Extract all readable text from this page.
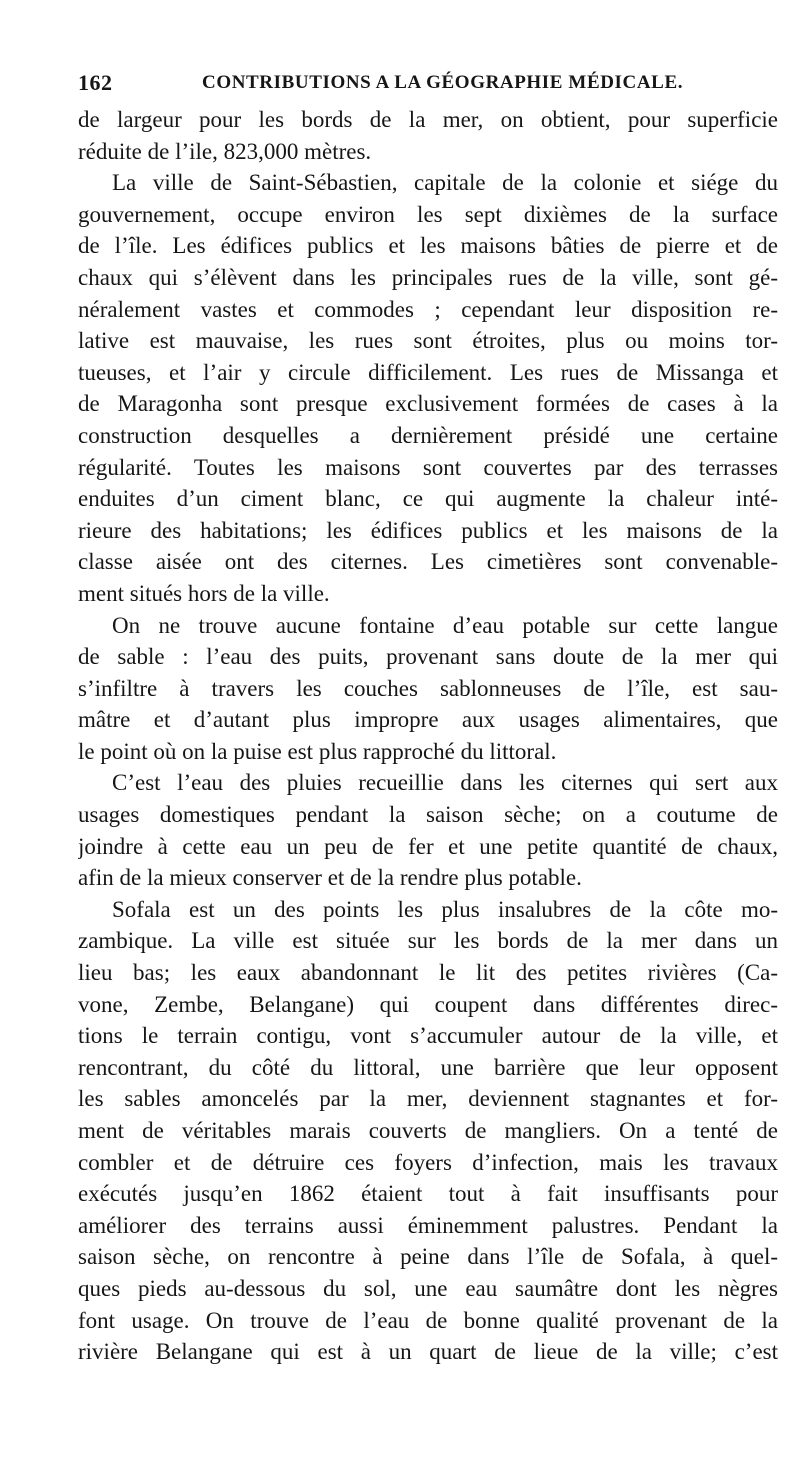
162	CONTRIBUTIONS A LA GÉOGRAPHIE MÉDICALE.
de largeur pour les bords de la mer, on obtient, pour superficie
réduite de l’ile, 823,000 mètres.
La ville de Saint-Sébastien, capitale de la colonie et siége du
gouvernement, occupe environ les sept dixièmes de la surface
de l’île. Les édifices publics et les maisons bâties de pierre et de
chaux qui s’élèvent dans les principales rues de la ville, sont gé-
néralement vastes et commodes ; cependant leur disposition re-
lative est mauvaise, les rues sont étroites, plus ou moins tor-
tueuses, et l’air y circule difficilement. Les rues de Missanga et
de Maragonha sont presque exclusivement formées de cases à la
construction desquelles a dernièrement présidé une certaine
régularité. Toutes les maisons sont couvertes par des terrasses
enduites d’un ciment blanc, ce qui augmente la chaleur inté-
rieure des habitations; les édifices publics et les maisons de la
classe aisée ont des citernes. Les cimetières sont convenable-
ment situés hors de la ville.
On ne trouve aucune fontaine d’eau potable sur cette langue
de sable : l’eau des puits, provenant sans doute de la mer qui
s’infiltre à travers les couches sablonneuses de l’île, est sau-
mâtre et d’autant plus impropre aux usages alimentaires, que
le point où on la puise est plus rapproché du littoral.
C’est l’eau des pluies recueillie dans les citernes qui sert aux
usages domestiques pendant la saison sèche; on a coutume de
joindre à cette eau un peu de fer et une petite quantité de chaux,
afin de la mieux conserver et de la rendre plus potable.
Sofala est un des points les plus insalubres de la côte mo-
zambique. La ville est située sur les bords de la mer dans un
lieu bas; les eaux abandonnant le lit des petites rivières (Ca-
vone, Zembe, Belangane) qui coupent dans différentes direc-
tions le terrain contigu, vont s’accumuler autour de la ville, et
rencontrant, du côté du littoral, une barrière que leur opposent
les sables amoncelés par la mer, deviennent stagnantes et for-
ment de véritables marais couverts de mangliers. On a tenté de
combler et de détruire ces foyers d’infection, mais les travaux
exécutés jusqu’en 1862 étaient tout à fait insuffisants pour
améliorer des terrains aussi éminemment palustres. Pendant la
saison sèche, on rencontre à peine dans l’île de Sofala, à quel-
ques pieds au-dessous du sol, une eau saumâtre dont les nègres
font usage. On trouve de l’eau de bonne qualité provenant de la
rivière Belangane qui est à un quart de lieue de la ville; c’est
